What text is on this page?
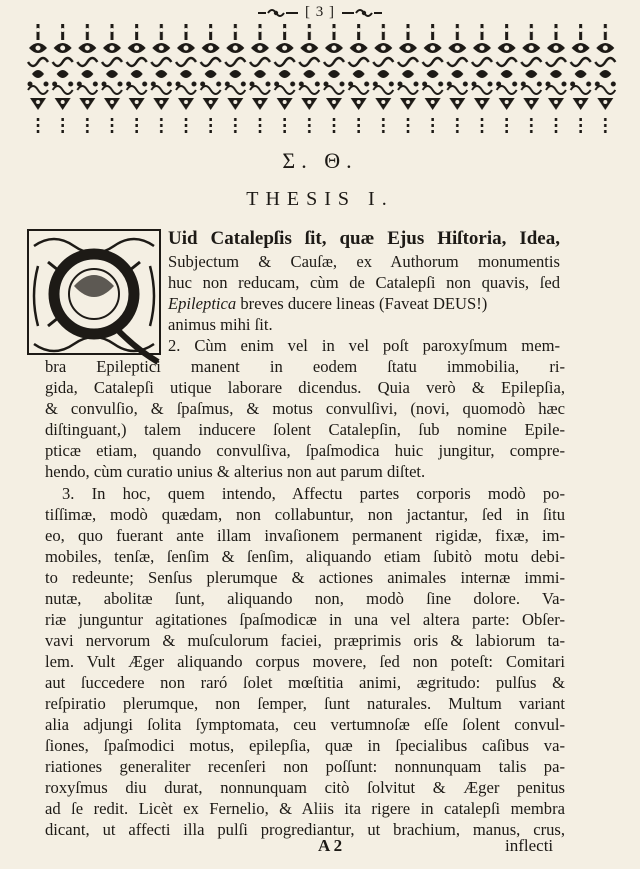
[ 3 ]
Σ. Θ.
THESIS I.
Uid Catalepſis ſit, quæ Ejus Hiſtoria, Idea,
Subjectum & Cauſæ, ex Authorum monumentis
huc non reducam, cùm de Catalepſi non quavis, ſed
Epileptica breves ducere lineas (Faveat DEUS!)
animus mihi ſit.
2. Cùm enim vel in vel poſt paroxyſmum mem-
bra Epileptici manent in eodem ſtatu immobilia, ri-
gida, Catalepſi utique laborare dicendus. Quia verò & Epilepſia,
& convulſio, & ſpaſmus, & motus convulſivi, (novi, quomodò hæc
diſtinguant,) talem inducere ſolent Catalepſin, ſub nomine Epile-
pticæ etiam, quando convulſiva, ſpaſmodica huic jungitur, compre-
hendo, cùm curatio unius & alterius non aut parum diſtet.
3. In hoc, quem intendo, Affectu partes corporis modò po-
tiſſimæ, modò quædam, non collabuntur, non jactantur, ſed in ſitu
eo, quo fuerant ante illam invaſionem permanent rigidæ, fixæ, im-
mobiles, tenſæ, ſenſim & ſenſim, aliquando etiam ſubitò motu debi-
to redeunte; Senſus plerumque & actiones animales internæ immi-
nutæ, abolitæ ſunt, aliquando non, modò ſine dolore. Va-
riæ junguntur agitationes ſpaſmodicæ in una vel altera parte: Obſer-
vavi nervorum & muſculorum faciei, præprimis oris & labiorum ta-
lem. Vult Æger aliquando corpus movere, ſed non poteſt: Comitari
aut ſuccedere non raró ſolet mœſtitia animi, ægritudo: pulſus &
reſpiratio plerumque, non ſemper, ſunt naturales. Multum variant
alia adjungi ſolita ſymptomata, ceu vertumnoſæ eſſe ſolent convul-
ſiones, ſpaſmodici motus, epilepſia, quæ in ſpecialibus caſibus va-
riationes generaliter recenſeri non poſſunt: nonnunquam talis pa-
roxyſmus diu durat, nonnunquam citò ſolvitut & Æger penitus
ad ſe redit. Licèt ex Fernelio, & Aliis ita rigere in catalepſi membra
dicant, ut affecti illa pulſi progrediantur, ut brachium, manus, crus,
A 2	inflecti
